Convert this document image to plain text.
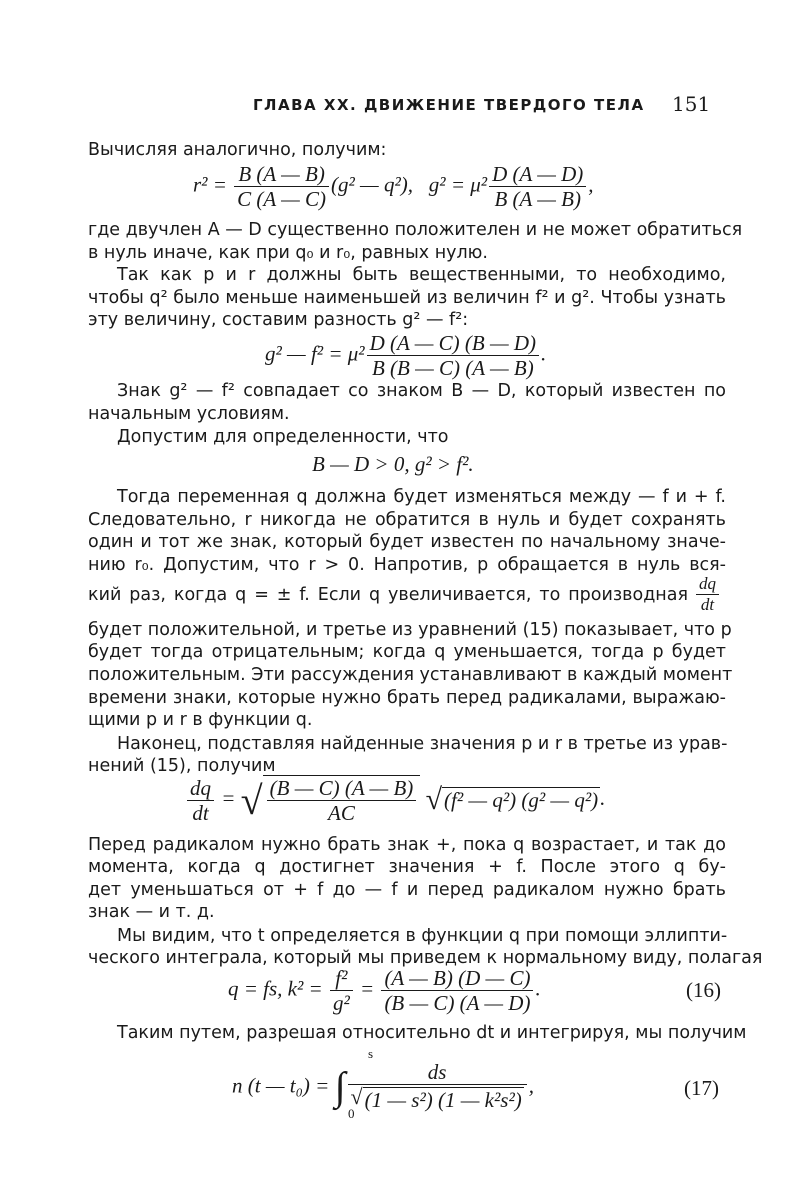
ГЛАВА XX. ДВИЖЕНИЕ ТВЕРДОГО ТЕЛА 151
Вычисляя аналогично, получим:
$r^2 = \frac{B (A — B)}{C (A — C)} (g^2$ — q²), $g^2 = \mu^2 \frac{D (A — D)}{B (A — B)}$ ,
где двучлен A — D существенно положителен и не может обратиться
в нуль иначе, как при q₀ и r₀, равных нулю.
Так как p и r должны быть вещественными, то необходимо,
чтобы q² было меньше наименьшей из величин f² и g². Чтобы узнать
эту величину, составим разность g² — f²:
g² — $f^2 = \mu^2 \frac{D (A — C) (B — D)}{B (B — C) (A — B)}$ .
Знак g² — f² совпадает со знаком B — D, который известен по
начальным условиям.
Допустим для определенности, что
B — D > 0, g² > f².
Тогда переменная q должна будет изменяться между — f и + f.
Следовательно, r никогда не обратится в нуль и будет сохранять
один и тот же знак, который будет известен по начальному значе-
нию r₀. Допустим, что r > 0. Напротив, p обращается в нуль вся-
кий раз, когда q = ± f. Если q увеличивается, то производная $\frac{dq}{dt}$
будет положительной, и третье из уравнений (15) показывает, что p
будет тогда отрицательным; когда q уменьшается, тогда p будет
положительным. Эти рассуждения устанавливают в каждый момент
времени знаки, которые нужно брать перед радикалами, выражаю-
щими p и r в функции q.
Наконец, подставляя найденные значения p и r в третье из урав-
нений (15), получим
$\frac{dq}{dt}$ = √ $\frac{(B — C) (A — B)}{AC} √(f^2$ — q²) (g² — q²).
Перед радикалом нужно брать знак +, пока q возрастает, и так до
момента, когда q достигнет значения + f. После этого q бу-
дет уменьшаться от + f до — f и перед радикалом нужно брать
знак — и т. д.
Мы видим, что t определяется в функции q при помощи эллипти-
ческого интеграла, который мы приведем к нормальному виду, полагая
q = fs, $k^2 = \frac{\text{f²}}{\text{g²}} = \frac{(A — B) (D — C)}{(B — C) (A — D)}$ .	(16)
Таким путем, разрешая относительно dt и интегрируя, мы получим
n (t — t₀) = ∫
s
0
$\frac{ds}{\text{√(1 — s²) (1 — k²s²)}}$ ,	(17)
